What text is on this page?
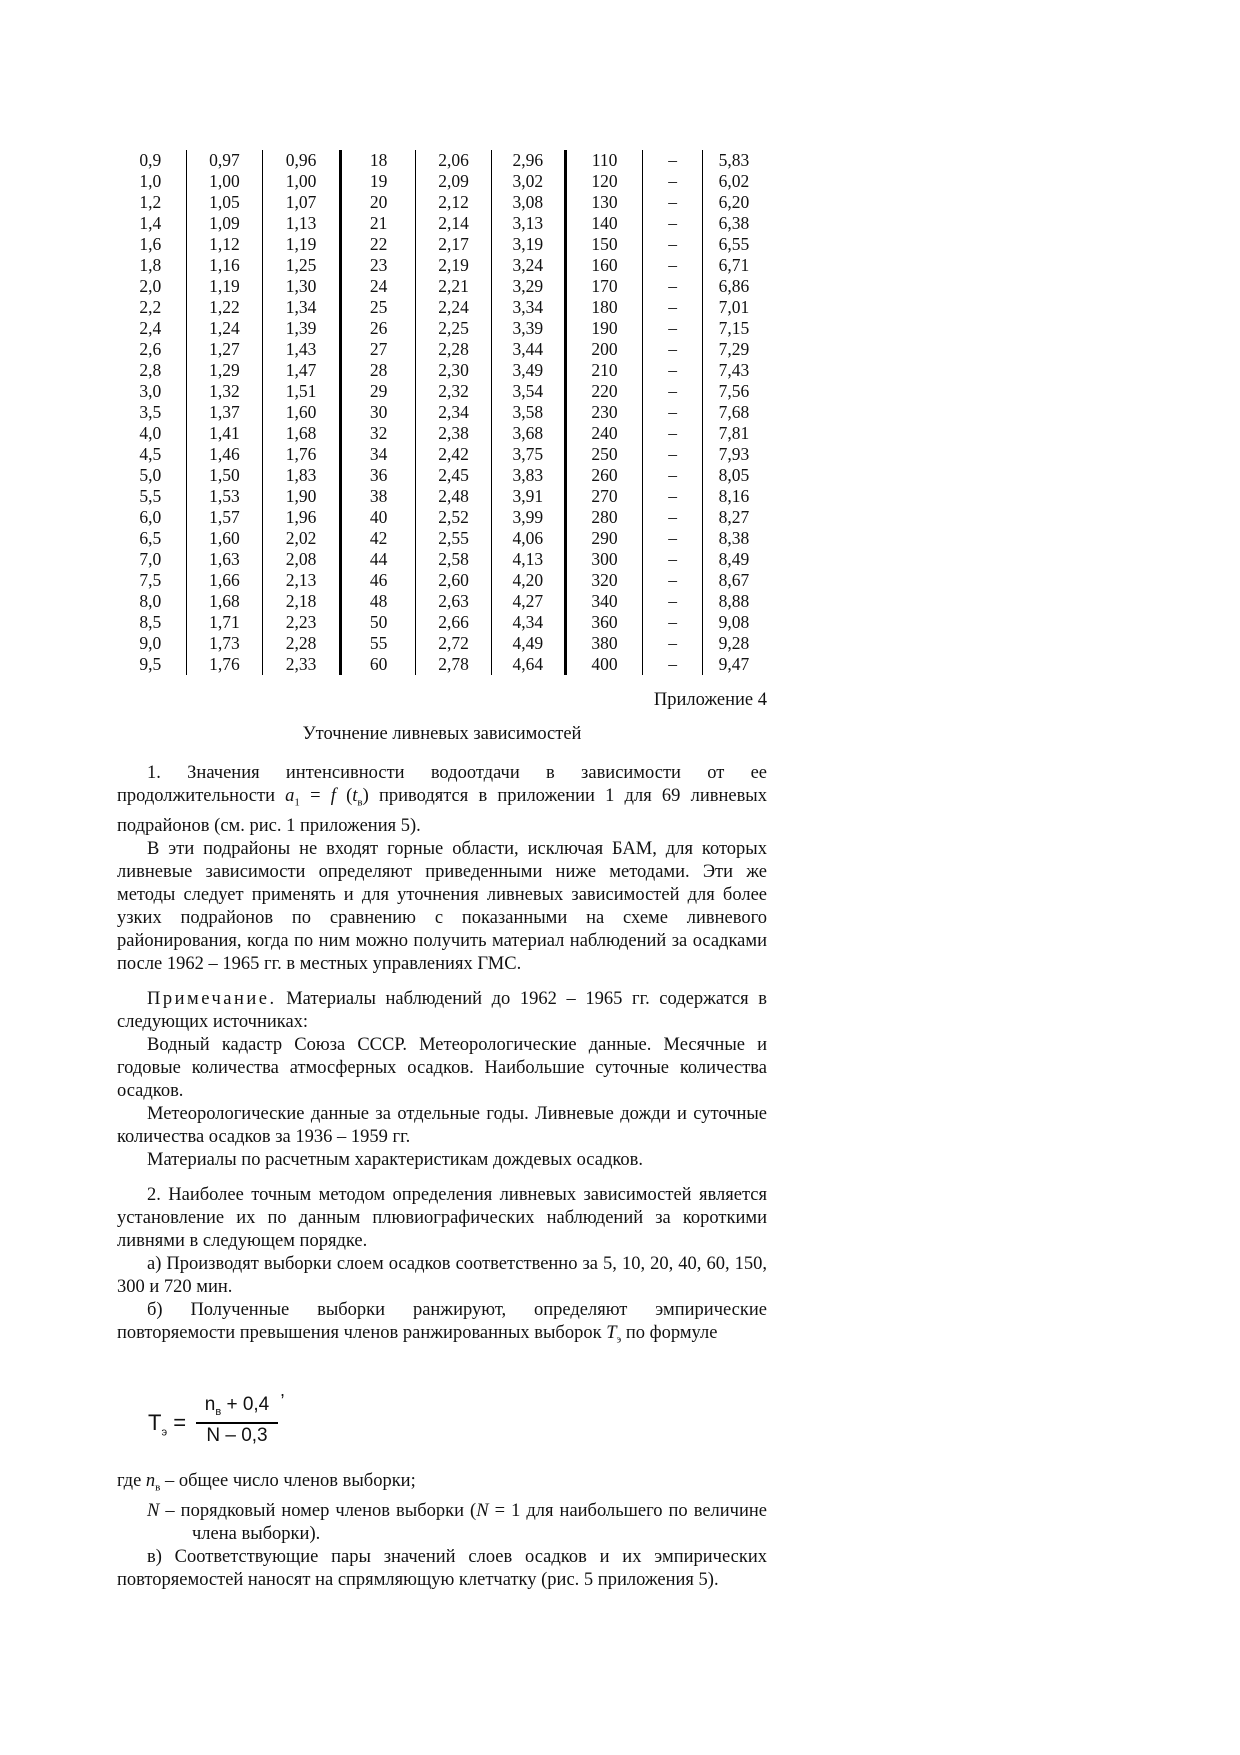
0,9	0,97	0,96	18	2,06	2,96	110	–	5,83
1,0	1,00	1,00	19	2,09	3,02	120	–	6,02
1,2	1,05	1,07	20	2,12	3,08	130	–	6,20
1,4	1,09	1,13	21	2,14	3,13	140	–	6,38
1,6	1,12	1,19	22	2,17	3,19	150	–	6,55
1,8	1,16	1,25	23	2,19	3,24	160	–	6,71
2,0	1,19	1,30	24	2,21	3,29	170	–	6,86
2,2	1,22	1,34	25	2,24	3,34	180	–	7,01
2,4	1,24	1,39	26	2,25	3,39	190	–	7,15
2,6	1,27	1,43	27	2,28	3,44	200	–	7,29
2,8	1,29	1,47	28	2,30	3,49	210	–	7,43
3,0	1,32	1,51	29	2,32	3,54	220	–	7,56
3,5	1,37	1,60	30	2,34	3,58	230	–	7,68
4,0	1,41	1,68	32	2,38	3,68	240	–	7,81
4,5	1,46	1,76	34	2,42	3,75	250	–	7,93
5,0	1,50	1,83	36	2,45	3,83	260	–	8,05
5,5	1,53	1,90	38	2,48	3,91	270	–	8,16
6,0	1,57	1,96	40	2,52	3,99	280	–	8,27
6,5	1,60	2,02	42	2,55	4,06	290	–	8,38
7,0	1,63	2,08	44	2,58	4,13	300	–	8,49
7,5	1,66	2,13	46	2,60	4,20	320	–	8,67
8,0	1,68	2,18	48	2,63	4,27	340	–	8,88
8,5	1,71	2,23	50	2,66	4,34	360	–	9,08
9,0	1,73	2,28	55	2,72	4,49	380	–	9,28
9,5	1,76	2,33	60	2,78	4,64	400	–	9,47
Приложение 4
Уточнение ливневых зависимостей

1. Значения интенсивности водоотдачи в зависимости от ее продолжительности $a_1 = f$ $(t_в)$ приводятся в приложении 1 для 69 ливневых подрайонов (см. рис. 1 приложения 5).

В эти подрайоны не входят горные области, исключая БАМ, для которых ливневые зависимости определяют приведенными ниже методами. Эти же методы следует применять и для уточнения ливневых зависимостей для более узких подрайонов по сравнению с показанными на схеме ливневого районирования, когда по ним можно получить материал наблюдений за осадками после 1962 – 1965 гг. в местных управлениях ГМС.

Примечание. Материалы наблюдений до 1962 – 1965 гг. содержатся в следующих источниках:

Водный кадастр Союза СССР. Метеорологические данные. Месячные и годовые количества атмосферных осадков. Наибольшие суточные количества осадков.

Метеорологические данные за отдельные годы. Ливневые дожди и суточные количества осадков за 1936 – 1959 гг.

Материалы по расчетным характеристикам дождевых осадков.

2. Наиболее точным методом определения ливневых зависимостей является установление их по данным плювиографических наблюдений за короткими ливнями в следующем порядке.

а) Производят выборки слоем осадков соответственно за 5, 10, 20, 40, 60, 150, 300 и 720 мин.

б) Полученные выборки ранжируют, определяют эмпирические повторяемости превышения членов ранжированных выборок $T_э$ по формуле

$T_э$ =
$n_в + 0,4$
N – 0,3
,

где $n_в$ – общее число членов выборки;

N – порядковый номер членов выборки (N = 1 для наибольшего по величине члена выборки).

в) Соответствующие пары значений слоев осадков и их эмпирических повторяемостей наносят на спрямляющую клетчатку (рис. 5 приложения 5).
